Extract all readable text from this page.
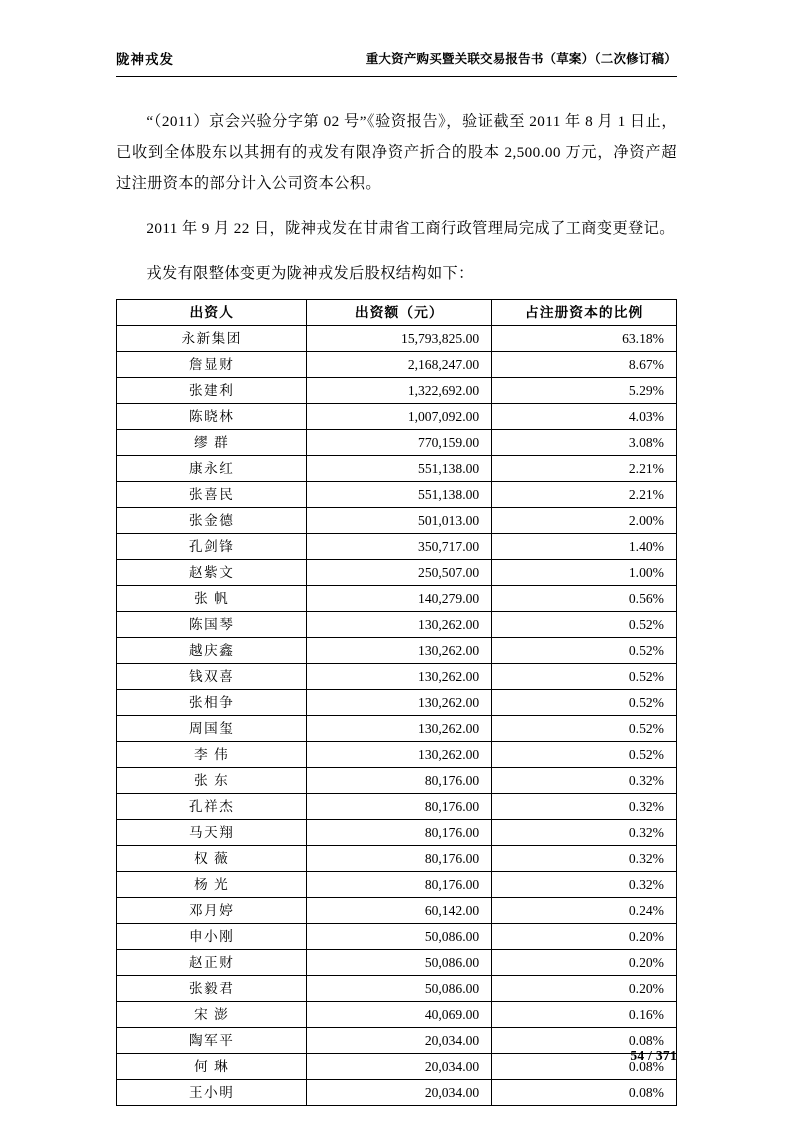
陇神戎发	重大资产购买暨关联交易报告书（草案）（二次修订稿）

“（2011）京会兴验分字第 02 号”《验资报告》，验证截至 2011 年 8 月 1 日止，已收到全体股东以其拥有的戎发有限净资产折合的股本 2,500.00 万元，净资产超过注册资本的部分计入公司资本公积。

2011 年 9 月 22 日，陇神戎发在甘肃省工商行政管理局完成了工商变更登记。

戎发有限整体变更为陇神戎发后股权结构如下：

出资人	出资额（元）	占注册资本的比例
永新集团	15,793,825.00	63.18%
詹显财	2,168,247.00	8.67%
张建利	1,322,692.00	5.29%
陈晓林	1,007,092.00	4.03%
缪 群	770,159.00	3.08%
康永红	551,138.00	2.21%
张喜民	551,138.00	2.21%
张金德	501,013.00	2.00%
孔剑锋	350,717.00	1.40%
赵紫文	250,507.00	1.00%
张 帆	140,279.00	0.56%
陈国琴	130,262.00	0.52%
越庆鑫	130,262.00	0.52%
钱双喜	130,262.00	0.52%
张相争	130,262.00	0.52%
周国玺	130,262.00	0.52%
李 伟	130,262.00	0.52%
张 东	80,176.00	0.32%
孔祥杰	80,176.00	0.32%
马天翔	80,176.00	0.32%
权 薇	80,176.00	0.32%
杨 光	80,176.00	0.32%
邓月婷	60,142.00	0.24%
申小刚	50,086.00	0.20%
赵正财	50,086.00	0.20%
张毅君	50,086.00	0.20%
宋 澎	40,069.00	0.16%
陶军平	20,034.00	0.08%
何 琳	20,034.00	0.08%
王小明	20,034.00	0.08%
54 / 371
